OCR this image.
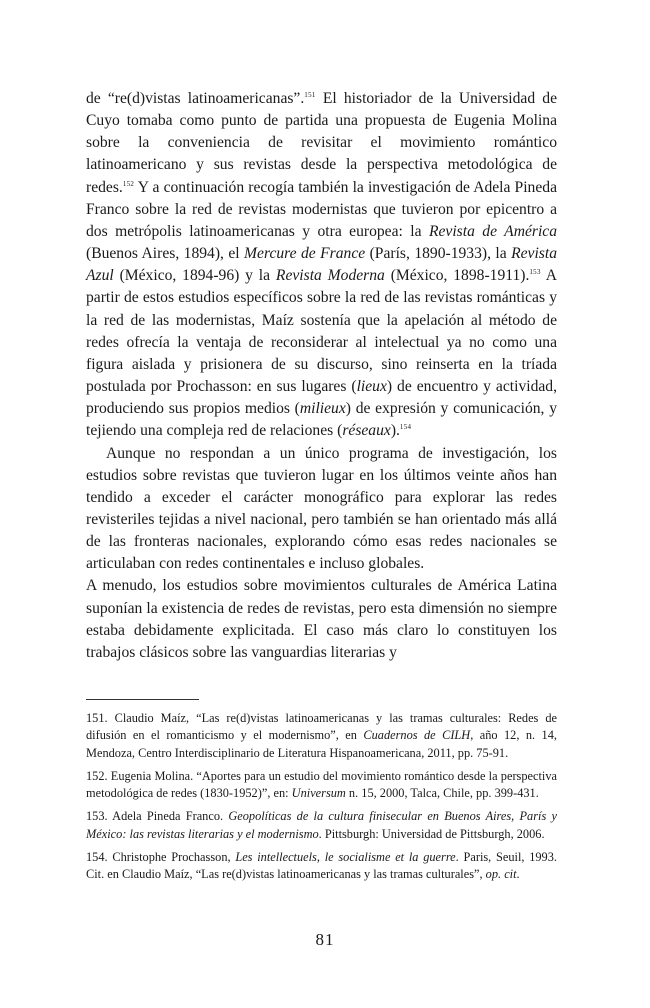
de “re(d)vistas latinoamericanas”.$^{151}$ El historiador de la Universidad de Cuyo tomaba como punto de partida una propuesta de Eugenia Molina sobre la conveniencia de revisitar el movimiento romántico latinoamericano y sus revistas desde la perspectiva metodológica de redes.$^{152}$ Y a continuación recogía también la investigación de Adela Pineda Franco sobre la red de revistas modernistas que tuvieron por epicentro a dos metrópolis latinoamericanas y otra europea: la Revista de América (Buenos Aires, 1894), el Mercure de France (París, 1890-1933), la Revista Azul (México, 1894-96) y la Revista Moderna (México, 1898-1911).$^{153}$ A partir de estos estudios específicos sobre la red de las revistas románticas y la red de las modernistas, Maíz sostenía que la apelación al método de redes ofrecía la ventaja de reconsiderar al intelectual ya no como una figura aislada y prisionera de su discurso, sino reinserta en la tríada postulada por Prochasson: en sus lugares (lieux) de encuentro y actividad, produciendo sus propios medios (milieux) de expresión y comunicación, y tejiendo una compleja red de relaciones (réseaux).$^{154}$

Aunque no respondan a un único programa de investigación, los estudios sobre revistas que tuvieron lugar en los últimos veinte años han tendido a exceder el carácter monográfico para explorar las redes revisteriles tejidas a nivel nacional, pero también se han orientado más allá de las fronteras nacionales, explorando cómo esas redes nacionales se articulaban con redes continentales e incluso globales.

A menudo, los estudios sobre movimientos culturales de América Latina suponían la existencia de redes de revistas, pero esta dimensión no siempre estaba debidamente explicitada. El caso más claro lo constituyen los trabajos clásicos sobre las vanguardias literarias y

151. Claudio Maíz, “Las re(d)vistas latinoamericanas y las tramas culturales: Redes de difusión en el romanticismo y el modernismo”, en Cuadernos de CILH, año 12, n. 14, Mendoza, Centro Interdisciplinario de Literatura Hispanoamericana, 2011, pp. 75-91.

152. Eugenia Molina. “Aportes para un estudio del movimiento romántico desde la perspectiva metodológica de redes (1830-1952)”, en: Universum n. 15, 2000, Talca, Chile, pp. 399-431.

153. Adela Pineda Franco. Geopolíticas de la cultura finisecular en Buenos Aires, París y México: las revistas literarias y el modernismo. Pittsburgh: Universidad de Pittsburgh, 2006.

154. Christophe Prochasson, Les intellectuels, le socialisme et la guerre. Paris, Seuil, 1993. Cit. en Claudio Maíz, “Las re(d)vistas latinoamericanas y las tramas culturales”, op. cit.

81
